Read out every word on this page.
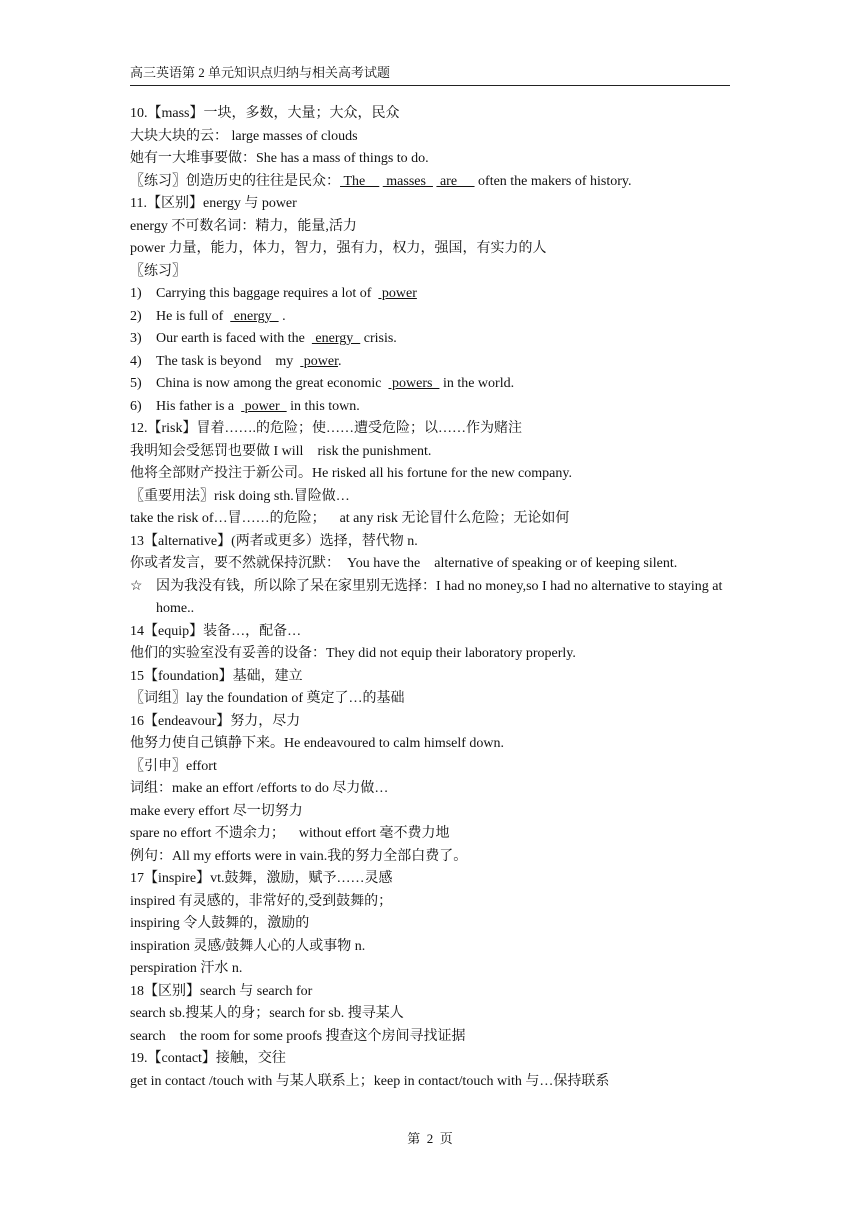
高三英语第 2 单元知识点归纳与相关高考试题
10.【mass】一块，多数，大量；大众，民众
大块大块的云： large masses of clouds
她有一大堆事要做：She has a mass of things to do.
〖练习〗创造历史的往往是民众： The      masses    are      often the makers of history.
11.【区别】energy 与 power
energy 不可数名词：精力，能量,活力
power 力量，能力，体力，智力，强有力，权力，强国，有实力的人
〖练习〗
1) Carrying this baggage requires a lot of   power
2) He is full of   energy   .
3) Our earth is faced with the   energy   crisis.
4) The task is beyond    my   power.
5) China is now among the great economic   powers   in the world.
6) His father is a   power   in this town.
12.【risk】冒着…….的危险；使……遭受危险；以……作为赌注
我明知会受惩罚也要做 I will    risk the punishment.
他将全部财产投注于新公司。He risked all his fortune for the new company.
〖重要用法〗risk doing sth.冒险做…
take the risk of…冒……的危险；    at any risk 无论冒什么危险；无论如何
13【alternative】(两者或更多）选择，替代物 n.
你或者发言，要不然就保持沉默：  You have the    alternative of speaking or of keeping silent.
☆ 因为我没有钱，所以除了呆在家里别无选择：I had no money,so I had no alternative to staying at home..
14【equip】装备…，配备…
他们的实验室没有妥善的设备：They did not equip their laboratory properly.
15【foundation】基础，建立
〖词组〗lay the foundation of 奠定了…的基础
16【endeavour】努力，尽力
他努力使自己镇静下来。He endeavoured to calm himself down.
〖引申〗effort
词组：make an effort /efforts to do 尽力做…
make every effort 尽一切努力
spare no effort 不遗余力；    without effort 毫不费力地
例句：All my efforts were in vain.我的努力全部白费了。
17【inspire】vt.鼓舞，激励，赋予……灵感
inspired 有灵感的，非常好的,受到鼓舞的；
inspiring 令人鼓舞的，激励的
inspiration 灵感/鼓舞人心的人或事物 n.
perspiration 汗水 n.
18【区别】search 与 search for
search sb.搜某人的身；search for sb. 搜寻某人
search    the room for some proofs 搜查这个房间寻找证据
19.【contact】接触，交往
get in contact /touch with 与某人联系上；keep in contact/touch with 与…保持联系
第  2  页
